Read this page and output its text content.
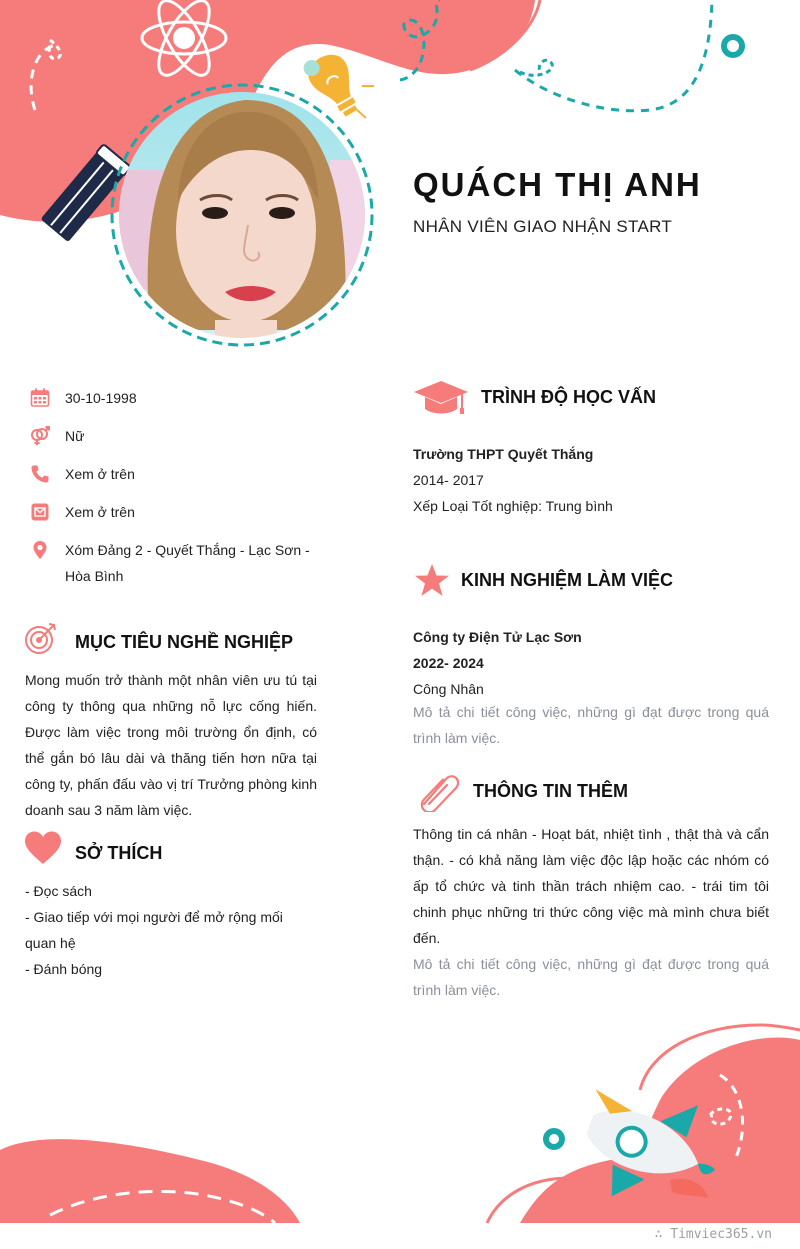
QUÁCH THỊ ANH
NHÂN VIÊN GIAO NHẬN START
30-10-1998
Nữ
Xem ở trên
Xem ở trên
Xóm Đảng 2 - Quyết Thắng - Lạc Sơn - Hòa Bình
MỤC TIÊU NGHỀ NGHIỆP

Mong muốn trở thành một nhân viên ưu tú tại công ty thông qua những nỗ lực cống hiến. Được làm việc trong môi trường ổn định, có thể gắn bó lâu dài và thăng tiến hơn nữa tại công ty, phấn đấu vào vị trí Trưởng phòng kinh doanh sau 3 năm làm việc.

SỞ THÍCH
- Đọc sách
- Giao tiếp với mọi người để mở rộng mối quan hệ
- Đánh bóng
TRÌNH ĐỘ HỌC VẤN
Trường THPT Quyết Thắng
2014- 2017
Xếp Loại Tốt nghiệp: Trung bình
KINH NGHIỆM LÀM VIỆC
Công ty Điện Tử Lạc Sơn
2022- 2024
Công Nhân

Mô tả chi tiết công việc, những gì đạt được trong quá trình làm việc.

THÔNG TIN THÊM

Thông tin cá nhân - Hoạt bát, nhiệt tình , thật thà và cẩn thận. - có khả năng làm việc độc lập hoặc các nhóm có ấp tổ chức và tinh thần trách nhiệm cao. - trái tim tôi chinh phục những tri thức công việc mà mình chưa biết đến.

Mô tả chi tiết công việc, những gì đạt được trong quá trình làm việc.

∴ Timviec365.vn
